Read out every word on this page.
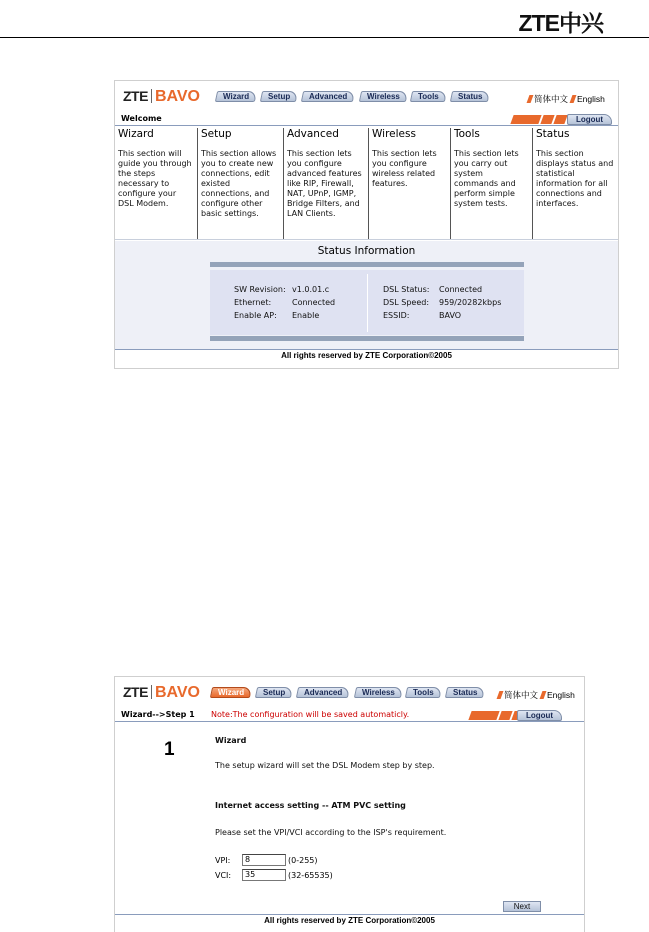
ZTE中兴
ZTE BAVO	Wizard	Setup	Advanced	Wireless	Tools	Status	简体中文 English
Welcome	Logout
Wizard
This section will guide you through the steps necessary to configure your DSL Modem.
Setup
This section allows you to create new connections, edit existed connections, and configure other basic settings.
Advanced
This section lets you configure advanced features like RIP, Firewall, NAT, UPnP, IGMP, Bridge Filters, and LAN Clients.
Wireless
This section lets you configure wireless related features.
Tools
This section lets you carry out system commands and perform simple system tests.
Status
This section displays status and statistical information for all connections and interfaces.
Status Information
SW Revision: v1.0.01.c
Ethernet:	Connected
Enable AP:	Enable
DSL Status:	Connected
DSL Speed:	959/20282kbps
ESSID:	BAVO
All rights reserved by ZTE Corporation©2005
ZTE BAVO	Wizard	Setup	Advanced	Wireless	Tools	Status	简体中文 English
Wizard-->Step 1 Note:The configuration will be saved automaticly.	Logout
1	Wizard
The setup wizard will set the DSL Modem step by step.
Internet access setting -- ATM PVC setting
Please set the VPI/VCI according to the ISP's requirement.
VPI:	8	(0-255)
VCI:	35	(32-65535)
Next
All rights reserved by ZTE Corporation©2005
